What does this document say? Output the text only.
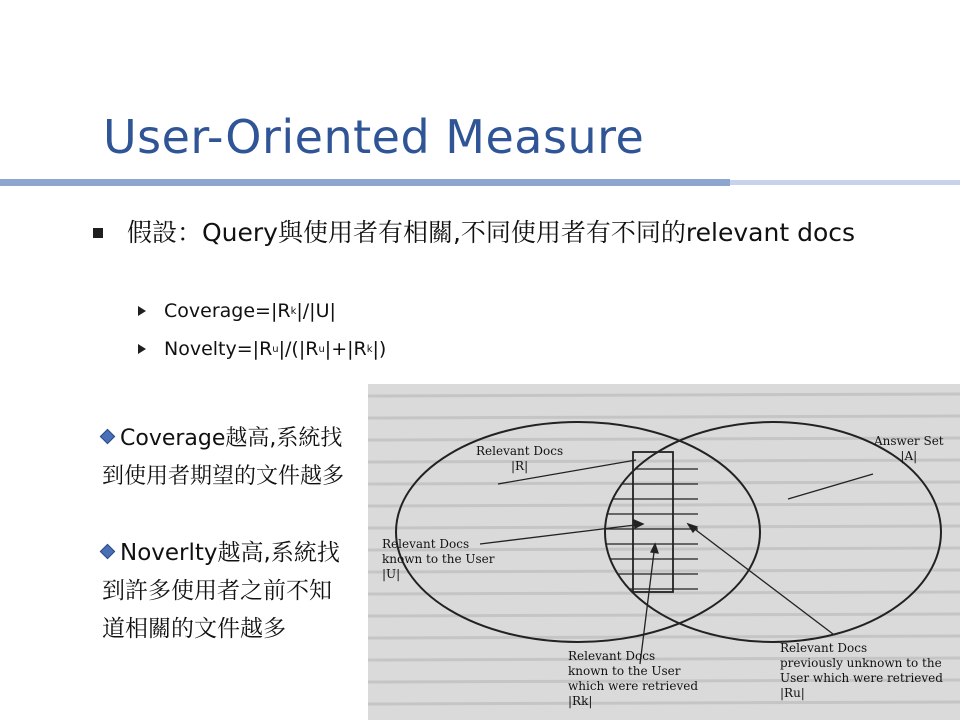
User-Oriented Measure
假設：Query與使用者有相關,不同使用者有不同的relevant docs
Coverage=|R k |/|U|
Novelty=|R u |/(|R u |+|R k |)
Coverage越高,系統找到使用者期望的文件越多
Noverlty越高,系統找到許多使用者之前不知道相關的文件越多
Relevant Docs
|R|
Answer Set
|A|
Relevant Docs
known to the User
|U|
Relevant Docs
known to the User
which were retrieved
|Rk|
Relevant Docs
previously unknown to the
User which were retrieved
|Ru|
